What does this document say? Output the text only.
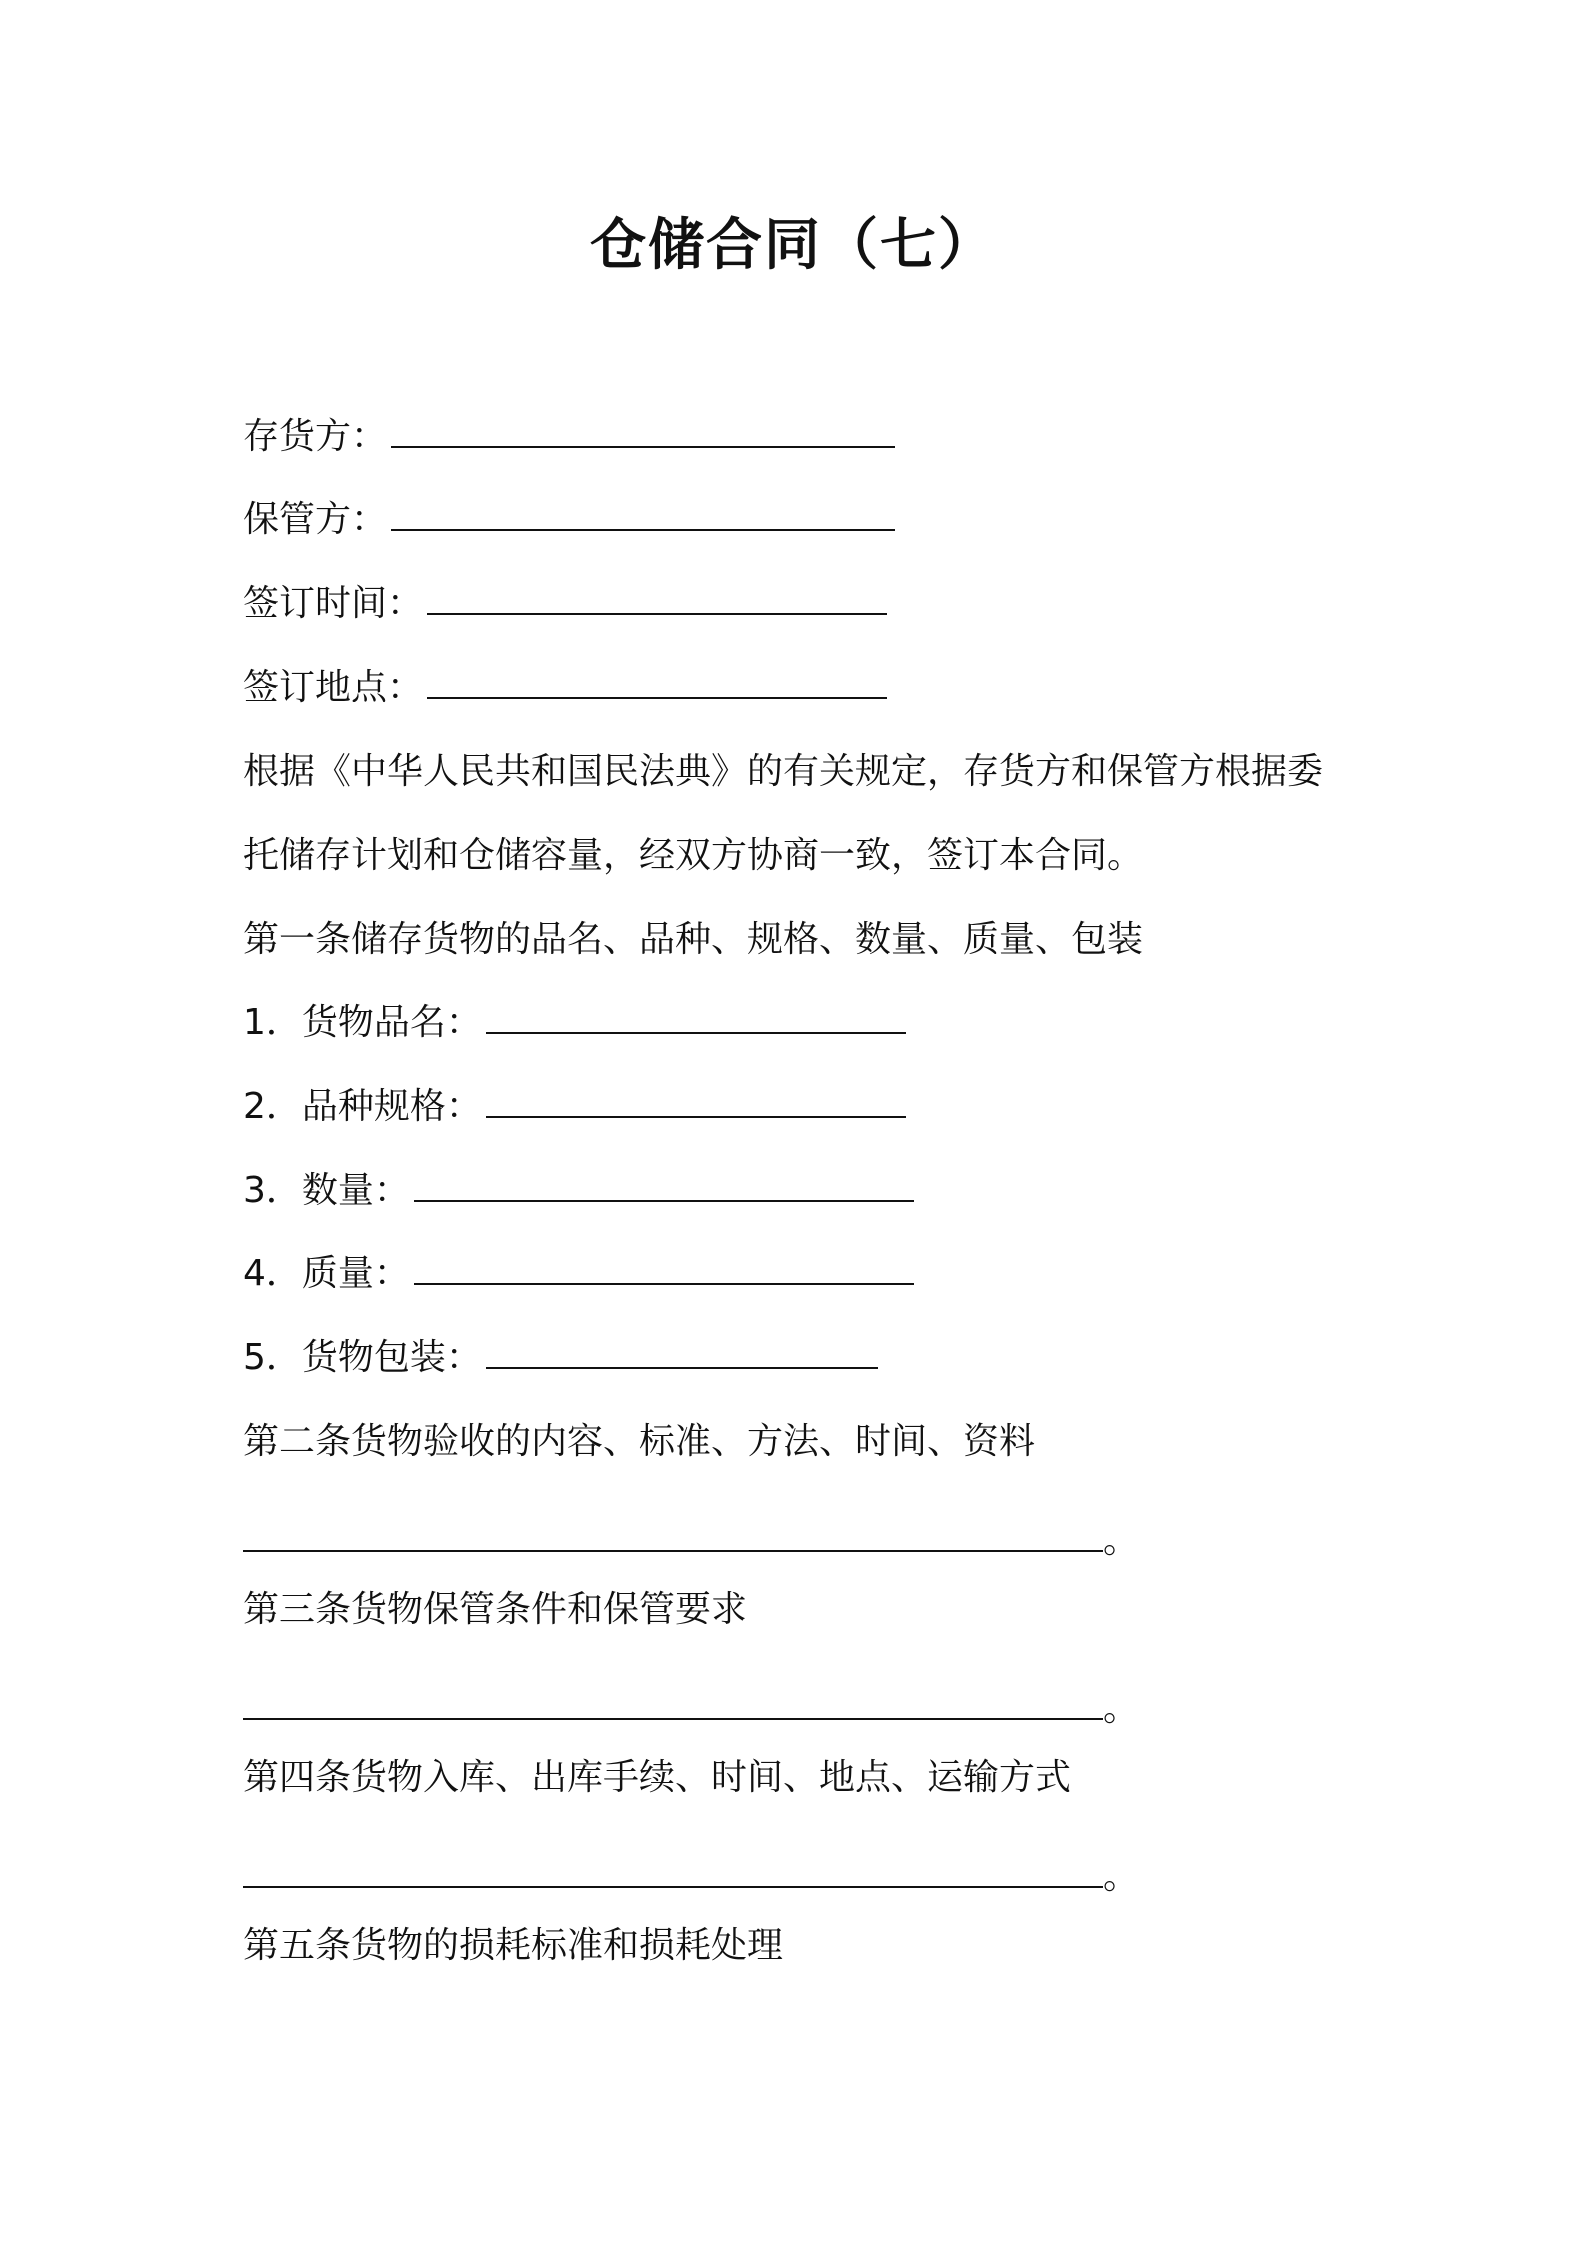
仓储合同（七）
存货方：
保管方：
签订时间：
签订地点：
根据《中华人民共和国民法典》的有关规定，存货方和保管方根据委
托储存计划和仓储容量，经双方协商一致，签订本合同。
第一条储存货物的品名、品种、规格、数量、质量、包装
1．货物品名：
2．品种规格：
3．数量：
4．质量：
5．货物包装：
第二条货物验收的内容、标准、方法、时间、资料
。
第三条货物保管条件和保管要求
。
第四条货物入库、出库手续、时间、地点、运输方式
。
第五条货物的损耗标准和损耗处理
